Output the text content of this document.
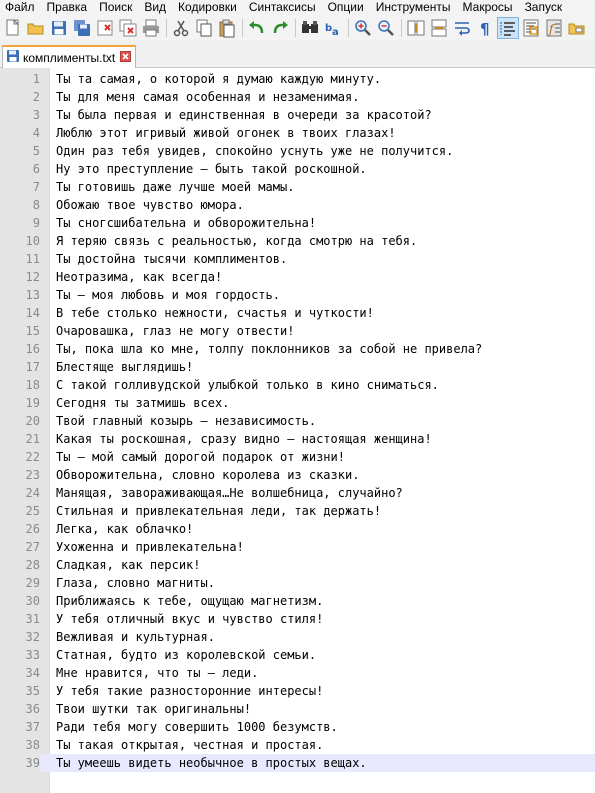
Файл	Правка	Поиск	Вид	Кодировки	Синтаксисы	Опции	Инструменты	Макросы	Запуск
b a	¶	f
комплименты.txt
1 Ты та самая, о которой я думаю каждую минуту.
2 Ты для меня самая особенная и незаменимая.
3 Ты была первая и единственная в очереди за красотой?
4 Люблю этот игривый живой огонек в твоих глазах!
5 Один раз тебя увидев, спокойно уснуть уже не получится.
6 Ну это преступление – быть такой роскошной.
7 Ты готовишь даже лучше моей мамы.
8 Обожаю твое чувство юмора.
9 Ты сногсшибательна и обворожительна!
10 Я теряю связь с реальностью, когда смотрю на тебя.
11 Ты достойна тысячи комплиментов.
12 Неотразима, как всегда!
13 Ты – моя любовь и моя гордость.
14 В тебе столько нежности, счастья и чуткости!
15 Очаровашка, глаз не могу отвести!
16 Ты, пока шла ко мне, толпу поклонников за собой не привела?
17 Блестяще выглядишь!
18 С такой голливудской улыбкой только в кино сниматься.
19 Сегодня ты затмишь всех.
20 Твой главный козырь – независимость.
21 Какая ты роскошная, сразу видно – настоящая женщина!
22 Ты – мой самый дорогой подарок от жизни!
23 Обворожительна, словно королева из сказки.
24 Манящая, завораживающая…Не волшебница, случайно?
25 Стильная и привлекательная леди, так держать!
26 Легка, как облачко!
27 Ухоженна и привлекательна!
28 Сладкая, как персик!
29 Глаза, словно магниты.
30 Приближаясь к тебе, ощущаю магнетизм.
31 У тебя отличный вкус и чувство стиля!
32 Вежливая и культурная.
33 Статная, будто из королевской семьи.
34 Мне нравится, что ты — леди.
35 У тебя такие разносторонние интересы!
36 Твои шутки так оригинальны!
37 Ради тебя могу совершить 1000 безумств.
38 Ты такая открытая, честная и простая.
39 Ты умеешь видеть необычное в простых вещах.
